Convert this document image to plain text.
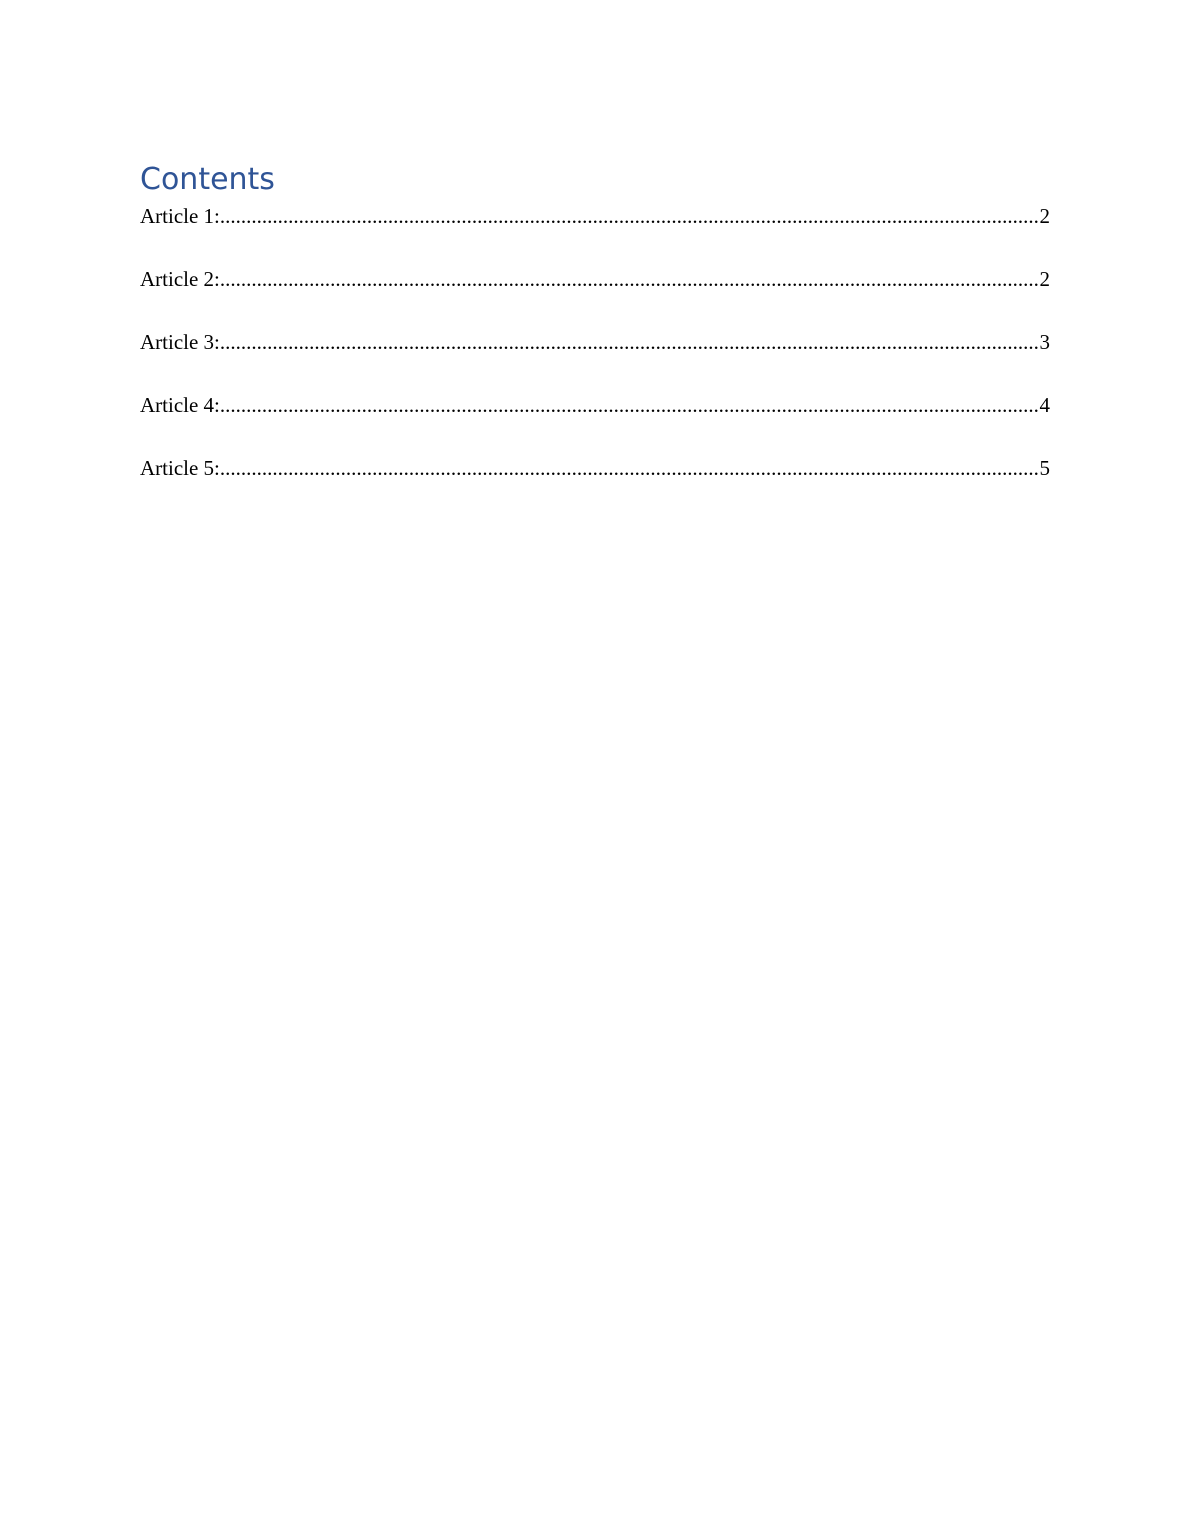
Contents
Article 1: .....	2
Article 2: .....	2
Article 3: .....	3
Article 4: .....	4
Article 5: .....	5
